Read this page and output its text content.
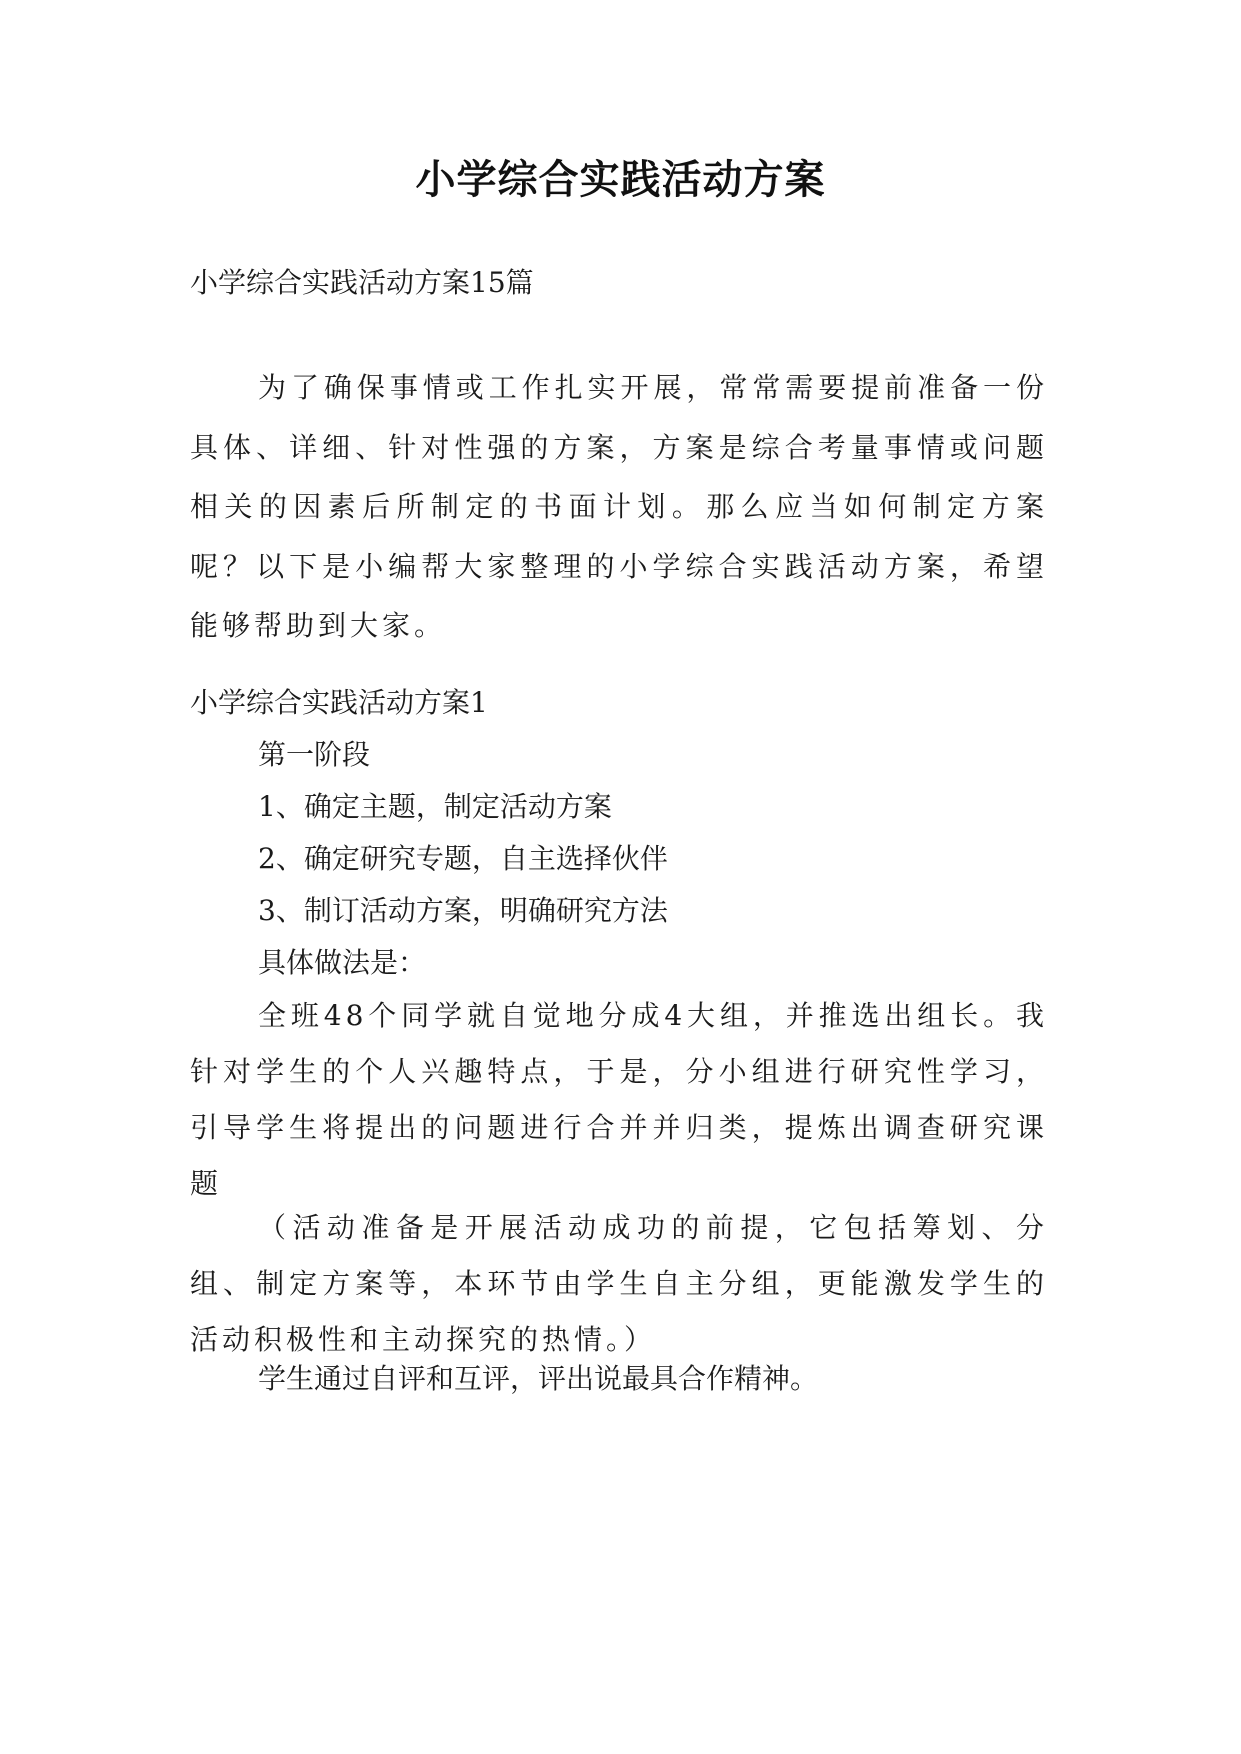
小学综合实践活动方案
小学综合实践活动方案15篇
为了确保事情或工作扎实开展，常常需要提前准备一份具体、详细、针对性强的方案，方案是综合考量事情或问题相关的因素后所制定的书面计划。那么应当如何制定方案呢？以下是小编帮大家整理的小学综合实践活动方案，希望能够帮助到大家。
小学综合实践活动方案1
第一阶段
1、确定主题，制定活动方案
2、确定研究专题，自主选择伙伴
3、制订活动方案，明确研究方法
具体做法是：
全班48个同学就自觉地分成4大组，并推选出组长。我针对学生的个人兴趣特点，于是，分小组进行研究性学习，引导学生将提出的问题进行合并并归类，提炼出调查研究课题
（活动准备是开展活动成功的前提，它包括筹划、分组、制定方案等，本环节由学生自主分组，更能激发学生的活动积极性和主动探究的热情。）
学生通过自评和互评，评出说最具合作精神。
